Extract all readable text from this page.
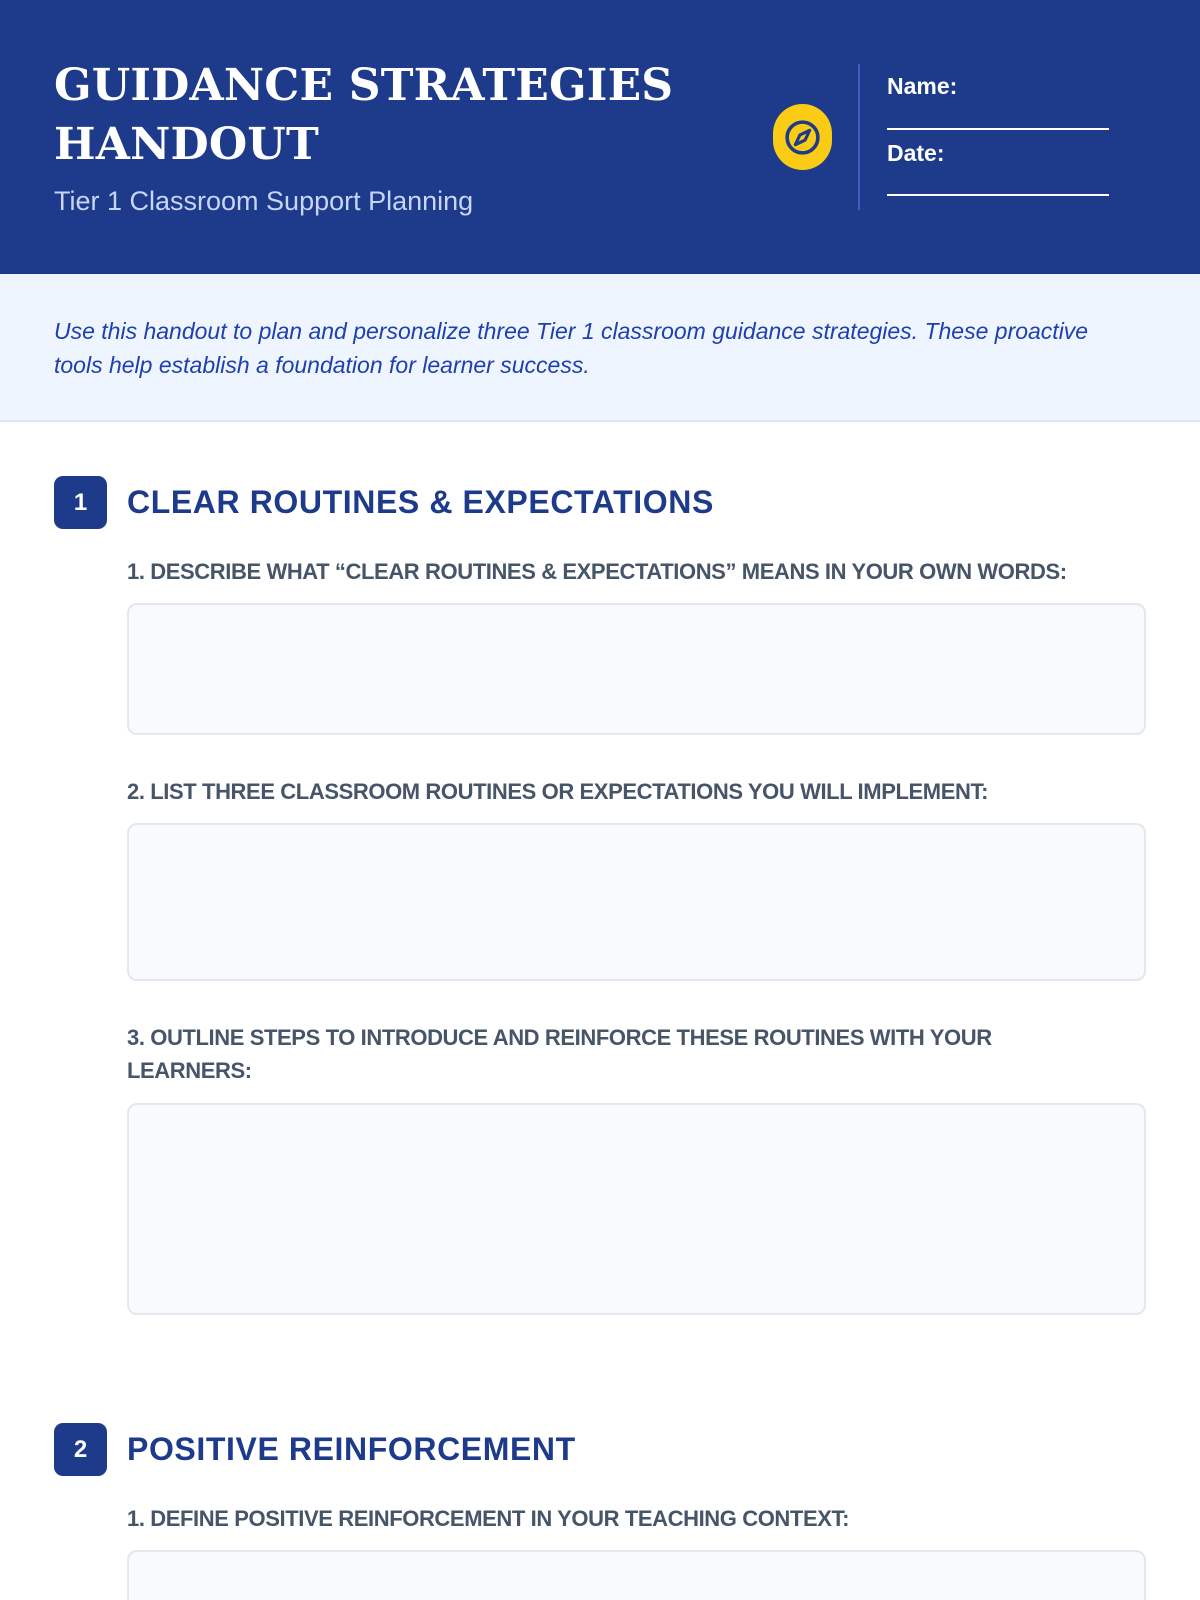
GUIDANCE STRATEGIES HANDOUT
Tier 1 Classroom Support Planning
Name:
Date:

Use this handout to plan and personalize three Tier 1 classroom guidance strategies. These proactive tools help establish a foundation for learner success.

1	CLEAR ROUTINES & EXPECTATIONS

1. DESCRIBE WHAT “CLEAR ROUTINES & EXPECTATIONS” MEANS IN YOUR OWN WORDS:

2. LIST THREE CLASSROOM ROUTINES OR EXPECTATIONS YOU WILL IMPLEMENT:

3. OUTLINE STEPS TO INTRODUCE AND REINFORCE THESE ROUTINES WITH YOUR LEARNERS:

2	POSITIVE REINFORCEMENT

1. DEFINE POSITIVE REINFORCEMENT IN YOUR TEACHING CONTEXT:
